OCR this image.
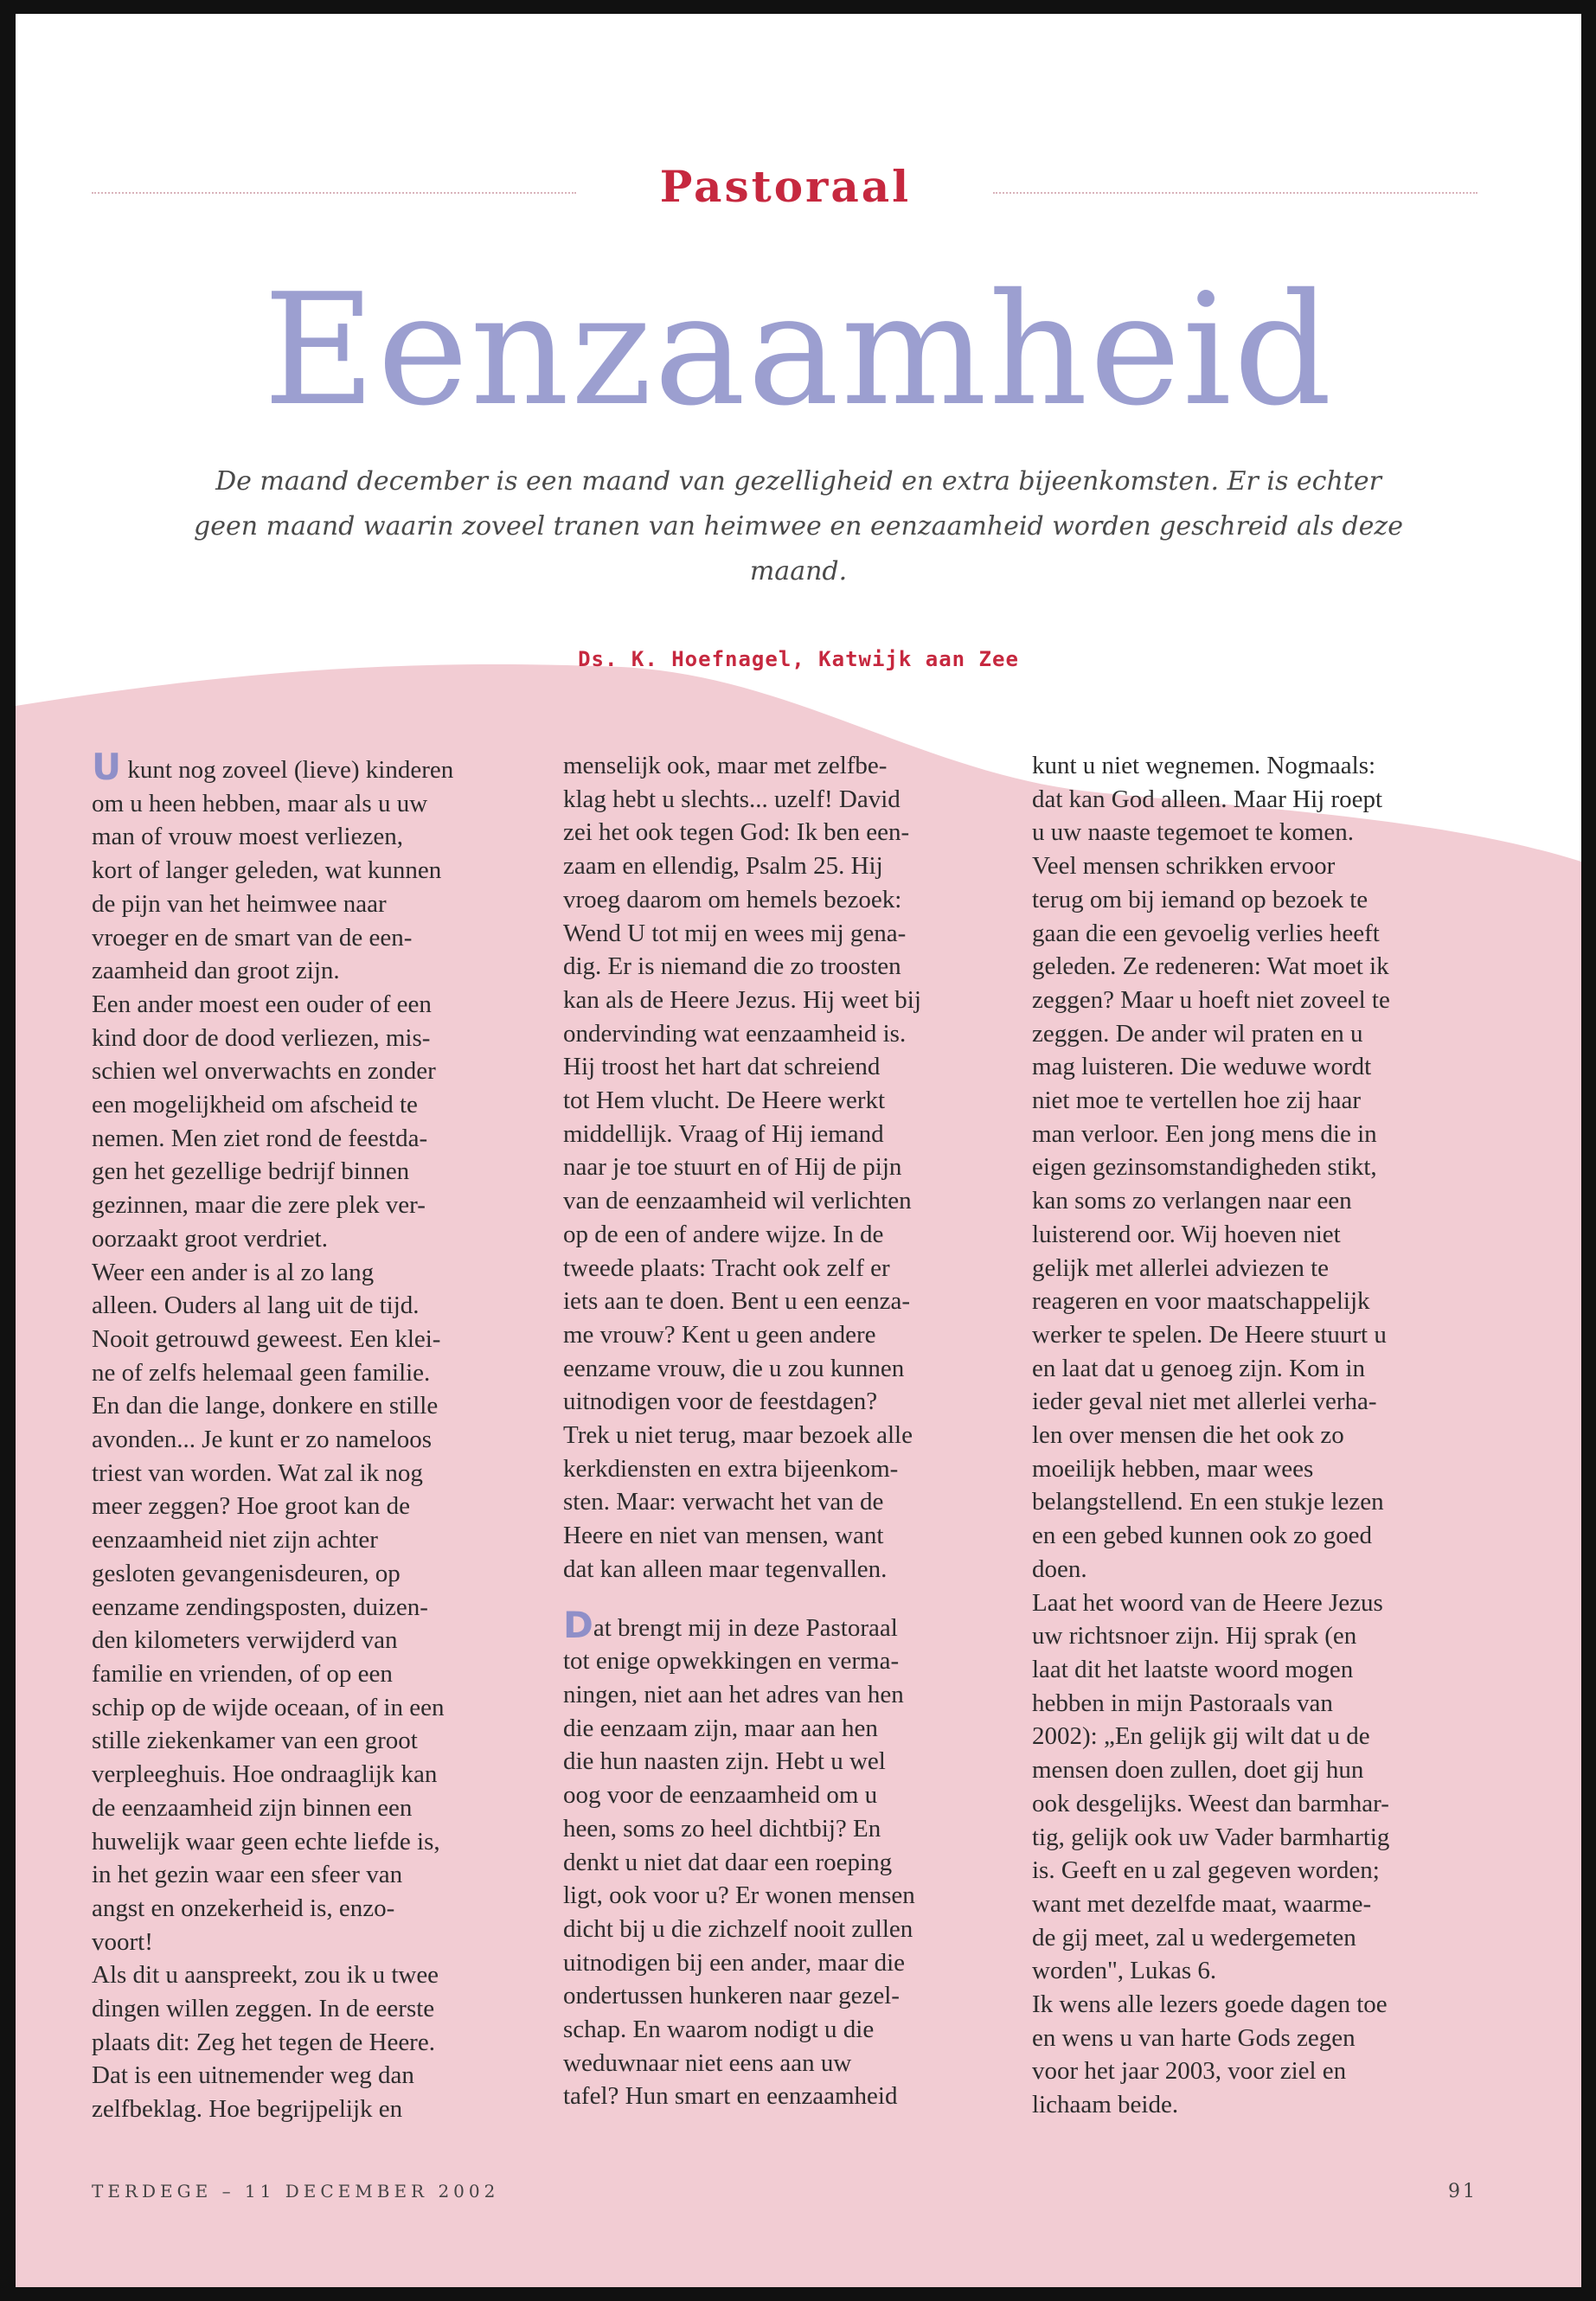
Pastoraal
Eenzaamheid
De maand december is een maand van gezelligheid en extra bijeenkomsten. Er is echter
geen maand waarin zoveel tranen van heimwee en eenzaamheid worden geschreid als deze maand.
Ds. K. Hoefnagel, Katwijk aan Zee

U kunt nog zoveel (lieve) kinderen

om u heen hebben, maar als u uw

man of vrouw moest verliezen,

kort of langer geleden, wat kunnen

de pijn van het heimwee naar

vroeger en de smart van de een-

zaamheid dan groot zijn.

Een ander moest een ouder of een

kind door de dood verliezen, mis-

schien wel onverwachts en zonder

een mogelijkheid om afscheid te

nemen. Men ziet rond de feestda-

gen het gezellige bedrijf binnen

gezinnen, maar die zere plek ver-

oorzaakt groot verdriet.

Weer een ander is al zo lang

alleen. Ouders al lang uit de tijd.

Nooit getrouwd geweest. Een klei-

ne of zelfs helemaal geen familie.

En dan die lange, donkere en stille

avonden... Je kunt er zo nameloos

triest van worden. Wat zal ik nog

meer zeggen? Hoe groot kan de

eenzaamheid niet zijn achter

gesloten gevangenisdeuren, op

eenzame zendingsposten, duizen-

den kilometers verwijderd van

familie en vrienden, of op een

schip op de wijde oceaan, of in een

stille ziekenkamer van een groot

verpleeghuis. Hoe ondraaglijk kan

de eenzaamheid zijn binnen een

huwelijk waar geen echte liefde is,

in het gezin waar een sfeer van

angst en onzekerheid is, enzo-

voort!

Als dit u aanspreekt, zou ik u twee

dingen willen zeggen. In de eerste

plaats dit: Zeg het tegen de Heere.

Dat is een uitnemender weg dan

zelfbeklag. Hoe begrijpelijk en

menselijk ook, maar met zelfbe-

klag hebt u slechts... uzelf! David

zei het ook tegen God: Ik ben een-

zaam en ellendig, Psalm 25. Hij

vroeg daarom om hemels bezoek:

Wend U tot mij en wees mij gena-

dig. Er is niemand die zo troosten

kan als de Heere Jezus. Hij weet bij

ondervinding wat eenzaamheid is.

Hij troost het hart dat schreiend

tot Hem vlucht. De Heere werkt

middellijk. Vraag of Hij iemand

naar je toe stuurt en of Hij de pijn

van de eenzaamheid wil verlichten

op de een of andere wijze. In de

tweede plaats: Tracht ook zelf er

iets aan te doen. Bent u een eenza-

me vrouw? Kent u geen andere

eenzame vrouw, die u zou kunnen

uitnodigen voor de feestdagen?

Trek u niet terug, maar bezoek alle

kerkdiensten en extra bijeenkom-

sten. Maar: verwacht het van de

Heere en niet van mensen, want

dat kan alleen maar tegenvallen.

Dat brengt mij in deze Pastoraal

tot enige opwekkingen en verma-

ningen, niet aan het adres van hen

die eenzaam zijn, maar aan hen

die hun naasten zijn. Hebt u wel

oog voor de eenzaamheid om u

heen, soms zo heel dichtbij? En

denkt u niet dat daar een roeping

ligt, ook voor u? Er wonen mensen

dicht bij u die zichzelf nooit zullen

uitnodigen bij een ander, maar die

ondertussen hunkeren naar gezel-

schap. En waarom nodigt u die

weduwnaar niet eens aan uw

tafel? Hun smart en eenzaamheid

kunt u niet wegnemen. Nogmaals:

dat kan God alleen. Maar Hij roept

u uw naaste tegemoet te komen.

Veel mensen schrikken ervoor

terug om bij iemand op bezoek te

gaan die een gevoelig verlies heeft

geleden. Ze redeneren: Wat moet ik

zeggen? Maar u hoeft niet zoveel te

zeggen. De ander wil praten en u

mag luisteren. Die weduwe wordt

niet moe te vertellen hoe zij haar

man verloor. Een jong mens die in

eigen gezinsomstandigheden stikt,

kan soms zo verlangen naar een

luisterend oor. Wij hoeven niet

gelijk met allerlei adviezen te

reageren en voor maatschappelijk

werker te spelen. De Heere stuurt u

en laat dat u genoeg zijn. Kom in

ieder geval niet met allerlei verha-

len over mensen die het ook zo

moeilijk hebben, maar wees

belangstellend. En een stukje lezen

en een gebed kunnen ook zo goed

doen.

Laat het woord van de Heere Jezus

uw richtsnoer zijn. Hij sprak (en

laat dit het laatste woord mogen

hebben in mijn Pastoraals van

2002): „En gelijk gij wilt dat u de

mensen doen zullen, doet gij hun

ook desgelijks. Weest dan barmhar-

tig, gelijk ook uw Vader barmhartig

is. Geeft en u zal gegeven worden;

want met dezelfde maat, waarme-

de gij meet, zal u wedergemeten

worden", Lukas 6.

Ik wens alle lezers goede dagen toe

en wens u van harte Gods zegen

voor het jaar 2003, voor ziel en

lichaam beide.

TERDEGE – 11 DECEMBER 2002	91
